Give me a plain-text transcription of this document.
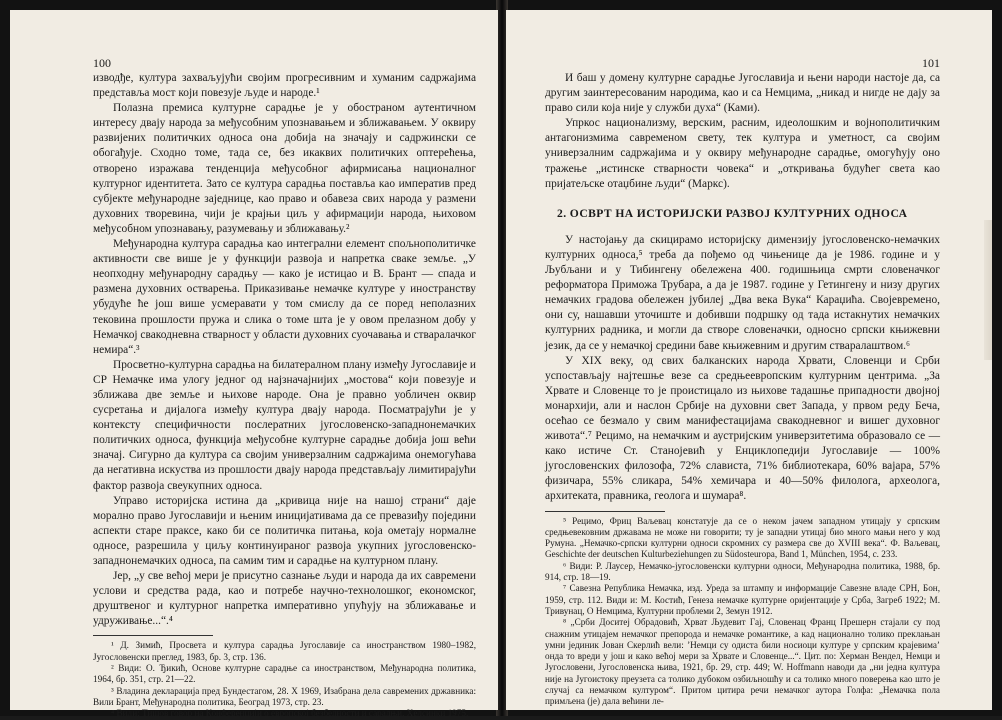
100

изводђе, култура захваљујући својим прогресивним и хуманим садржајима представља мост који повезује људе и народе.¹

Полазна премиса културне сарадње је у обостраном аутентичном интересу двају народа за међусобним упознавањем и зближавањем. У оквиру развијених политичких односа она добија на значају и садржински се обогађује. Сходно томе, тада се, без икаквих политичких оптерећења, отворено изражава тенденција међусобног афирмисања националног културног идентитета. Зато се култура сарадња поставља као императив пред субјекте међународне заједнице, као право и обавеза свих народа у размени духовних творевина, чији је крајњи циљ у афирмацији народа, њиховом међусобном упознавању, разумевању и зближавању.²

Међународна култура сарадња као интегрални елемент спољнополитичке активности све више је у функцији развоја и напретка сваке земље. „У неопходну међународну сарадњу — како је истицао и В. Брант — спада и размена духовних остварења. Приказивање немачке културе у иностранству убудуће ће још више усмеравати у том смислу да се поред неполазних тековина прошлости пружа и слика о томе шта је у овом прелазном добу у Немачкој свакодневна стварност у области духовних суочавања и стваралачког немира“.³

Просветно-културна сарадња на билатералном плану између Југославије и СР Немачке има улогу једног од најзначајнијих „мостова“ који повезује и зближава две земље и њихове народе. Она је правно уобличен оквир сусретања и дијалога између култура двају народа. Посматрајући је у контексту специфичности послератних југословенско-западнонемачких политичких односа, функција међусобне културне сарадње добија још већи значај. Сигурно да култура са својим универзалним садржајима онемогућава да негативна искуства из прошлости двају народа представљају лимитирајући фактор развоја свеукупних односа.

Управо историјска истина да „кривица није на нашој страни“ даје морално право Југославији и њеним иницијативама да се превазиђу поједини аспекти старе праксе, како би се политичка питања, која ометају нормалне односе, разрешила у циљу континуираног развоја укупних југословенско-западнонемачких односа, па самим тим и сарадње на културном плану.

Јер, „у све већој мери је присутно сазнање људи и народа да их савремени услови и средства рада, као и потребе научно-технолошког, економског, друштвеног и културног напретка императивно упућују на зближавање и удруживање...“.⁴

¹ Д. Зимић, Просвета и култура сарадња Југославије са иностранством 1980–1982, Југословенски преглед, 1983, бр. 3, стр. 136.

² Види: О. Ђикић, Основе културне сарадње са иностранством, Међународна политика, 1964, бр. 351, стр. 21—22.

³ Владина декларација пред Бундестагом, 28. X 1969, Изабрана дела савремених државника: Вили Брант, Међународна политика, Београд 1973, стр. 23.

⁴ Види: Тишов говор на Конференцији о европској безбедности и сарадњи, Хелсинки 1975.

101

И баш у домену културне сарадње Југославија и њени народи настоје да, са другим заинтересованим народима, као и са Немцима, „никад и нигде не дају за право сили која није у служби духа“ (Ками).

Упркос национализму, верским, расним, идеолошким и војнополитичким антагонизмима савременом свету, тек култура и уметност, са својим универзалним садржајима и у оквиру међународне сарадње, омогућују оно тражење „истинске стварности човека“ и „откривања будућег света као пријатељске отаџбине људи“ (Маркс).

2. ОСВРТ НА ИСТОРИЈСКИ РАЗВОЈ КУЛТУРНИХ ОДНОСА

У настојању да скицирамо историјску димензију југословенско-немачких културних односа,⁵ треба да пођемо од чињенице да је 1986. године и у Љубљани и у Тибингену обележена 400. годишњица смрти словеначког реформатора Приможа Трубара, а да је 1987. године у Гетингену и низу других немачких градова обележен јубилеј „Два века Вука“ Караџића. Својевремено, они су, нашавши уточиште и добивши подршку од тада истакнутих немачких културних радника, и могли да створе словеначки, односно српски књижевни језик, да се у немачкој средини баве књижевним и другим стваралаштвом.⁶

У XIX веку, од свих балканских народа Хрвати, Словенци и Срби успостављају најтешње везе са средњеевропским културним центрима. „За Хрвате и Словенце то је проистицало из њихове тадашње припадности двојној монархији, али и наслон Србије на духовни свет Запада, у првом реду Беча, осећао се безмало у свим манифестацијама свакодневног и вишег духовног живота“.⁷ Рецимо, на немачким и аустријским универзитетима образовало се — како истиче Ст. Станојевић у Енциклопедији Југославије — 100% југословенских филозофа, 72% слависта, 71% библиотекара, 60% вајара, 57% физичара, 55% сликара, 54% хемичара и 40—50% филолога, археолога, архитеката, правника, геолога и шумара⁸.

⁵ Рецимо, Фриц Ваљевац констатује да се о неком јачем западном утицају у српским средњевековним државама не може ни говорити; ту је западни утицај био много мањи него у код Румуна. „Немачко-српски културни односи скромних су размера све до XVIII века“. Ф. Ваљевац, Geschichte der deutschen Kulturbeziehungen zu Südosteuropa, Band 1, München, 1954, с. 233.

⁶ Види: Р. Лаусер, Немачко-југословенски културни односи, Међународна политика, 1988, бр. 914, стр. 18—19.

⁷ Савезна Република Немачка, изд. Уреда за штампу и информације Савезне владе СРН, Бон, 1959, стр. 112. Види и: М. Костић, Генеза немачке културне оријентације у Срба, Загреб 1922; М. Тривунац, О Немцима, Културни проблеми 2, Земун 1912.

⁸ „Срби Доситеј Обрадовић, Хрват Људевит Гај, Словенац Франц Прешерн стајали су под снажним утицајем немачког препорода и немачке романтике, а кад национално толико преклањан умни јединик Јован Скерлић вели: ’Немци су одиста били носиоци културе у српским крајевима’ онда то вреди у још и како већој мери за Хрвате и Словенце...“. Цит. по: Херман Вендел, Немци и Југословени, Југословенска њива, 1921, бр. 29, стр. 449; W. Hoffmann наводи да „ни једна култура није на Југоистоку преузета са толико дубоком озбиљношћу и са толико много поверења као што је случај са немачком културом“. Притом цитира речи немачког аутора Голфа: „Немачка пола примљена (је) дала већини ле-
